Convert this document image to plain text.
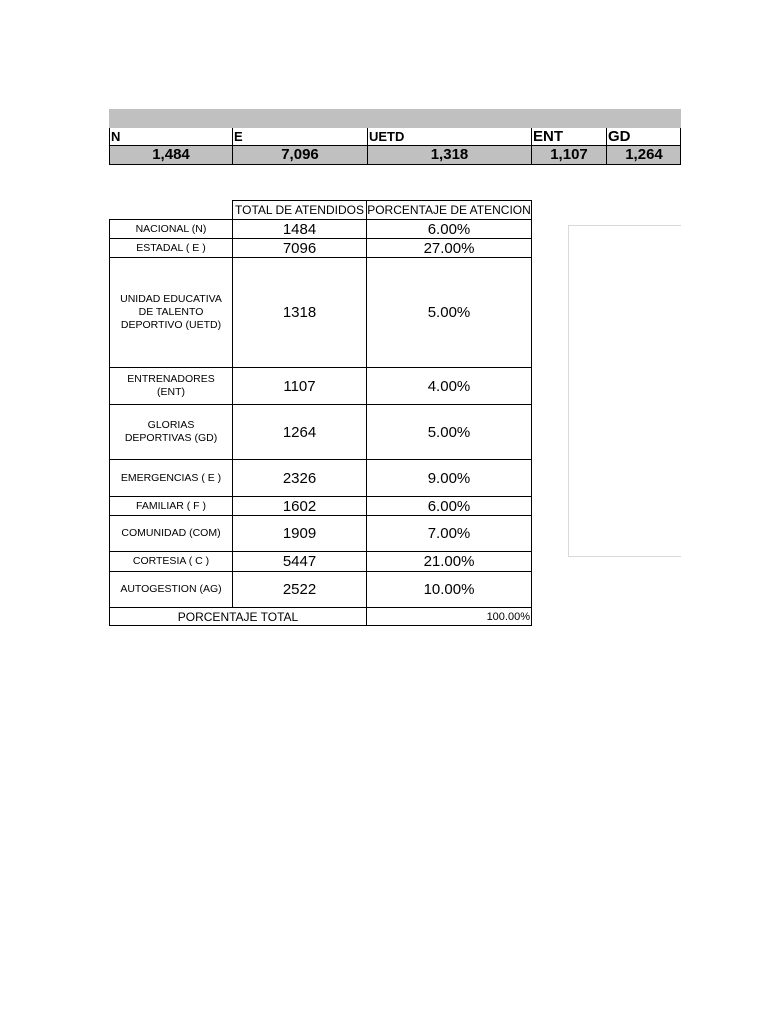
N	E	UETD	ENT	GD
1,484	7,096	1,318	1,107	1,264
	TOTAL DE ATENDIDOS	PORCENTAJE DE ATENCION
NACIONAL (N)	1484	6.00%
ESTADAL ( E )	7096	27.00%
UNIDAD EDUCATIVA DE TALENTO DEPORTIVO (UETD)	1318	5.00%
ENTRENADORES (ENT)	1107	4.00%
GLORIAS DEPORTIVAS (GD)	1264	5.00%
EMERGENCIAS ( E )	2326	9.00%
FAMILIAR ( F )	1602	6.00%
COMUNIDAD (COM)	1909	7.00%
CORTESIA ( C )	5447	21.00%
AUTOGESTION (AG)	2522	10.00%
PORCENTAJE TOTAL		100.00%
